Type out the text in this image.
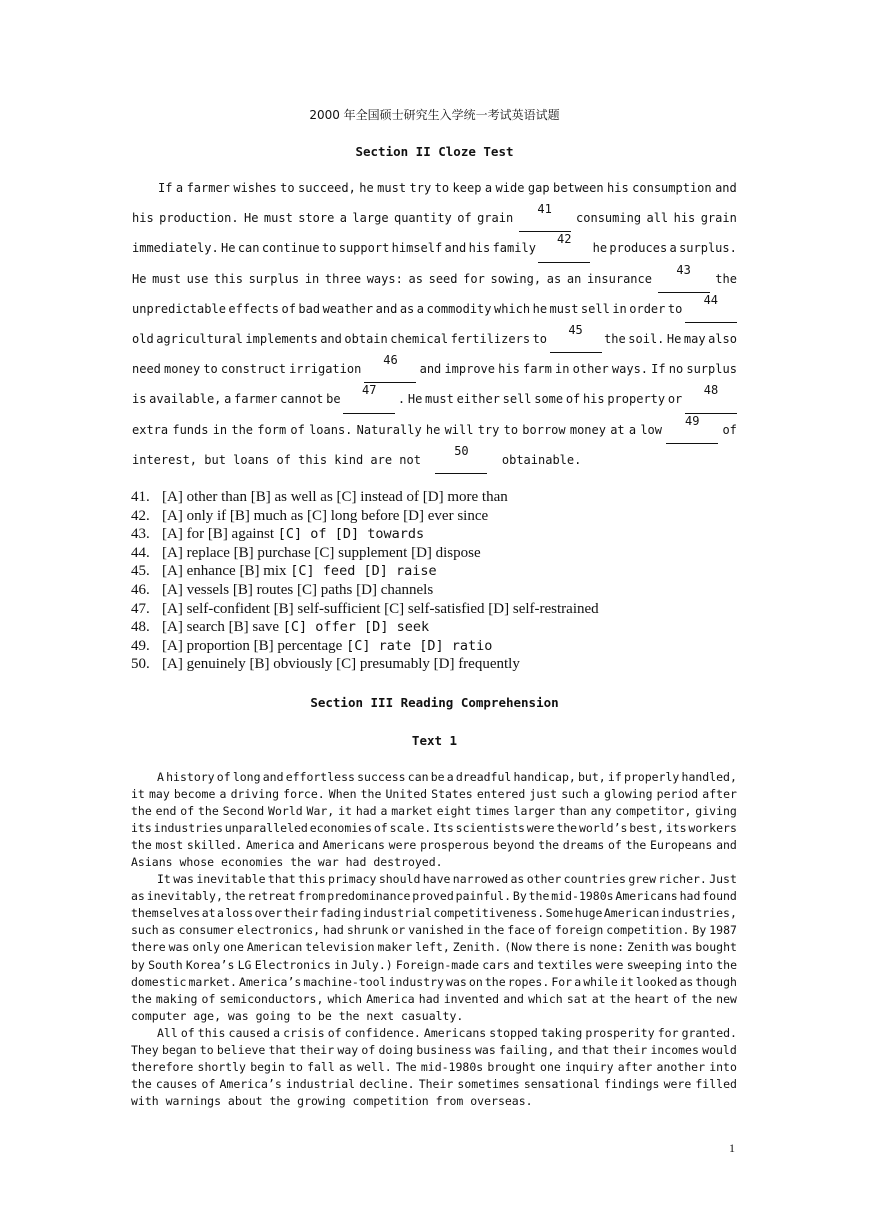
2000 年全国硕士研究生入学统一考试英语试题
Section II Cloze Test
If a farmer wishes to succeed, he must try to keep a wide gap between his consumption and
his production. He must store a large quantity of grain
41
consuming all his grain
immediately. He can continue to support himself and his family
42
he produces a surplus.
He must use this surplus in three ways: as seed for sowing, as an insurance
43
the
unpredictable effects of bad weather and as a commodity which he must sell in order to
44
old agricultural implements and obtain chemical fertilizers to
45
the soil. He may also
need money to construct irrigation
46
and improve his farm in other ways. If no surplus
is available, a farmer cannot be
47
. He must either sell some of his property or
48
extra funds in the form of loans. Naturally he will try to borrow money at a low
49
of
interest, but loans of this kind are not
50
obtainable.
41. [A] other than [B] as well as [C] instead of [D] more than
42. [A] only if [B] much as [C] long before [D] ever since
43. [A] for [B] against [C] of [D] towards
44. [A] replace [B] purchase [C] supplement [D] dispose
45. [A] enhance [B] mix [C] feed [D] raise
46. [A] vessels [B] routes [C] paths [D] channels
47. [A] self-confident [B] self-sufficient [C] self-satisfied [D] self-restrained
48. [A] search [B] save [C] offer [D] seek
49. [A] proportion [B] percentage [C] rate [D] ratio
50. [A] genuinely [B] obviously [C] presumably [D] frequently
Section III Reading Comprehension
Text 1
A history of long and effortless success can be a dreadful handicap, but, if properly handled,
it may become a driving force. When the United States entered just such a glowing period after
the end of the Second World War, it had a market eight times larger than any competitor, giving
its industries unparalleled economies of scale. Its scientists were the world’s best, its workers
the most skilled. America and Americans were prosperous beyond the dreams of the Europeans and
Asians whose economies the war had destroyed.
It was inevitable that this primacy should have narrowed as other countries grew richer. Just
as inevitably, the retreat from predominance proved painful. By the mid-1980s Americans had found
themselves at a loss over their fading industrial competitiveness. Some huge American industries,
such as consumer electronics, had shrunk or vanished in the face of foreign competition. By 1987
there was only one American television maker left, Zenith. (Now there is none: Zenith was bought
by South Korea’s LG Electronics in July.) Foreign-made cars and textiles were sweeping into the
domestic market. America’s machine-tool industry was on the ropes. For a while it looked as though
the making of semiconductors, which America had invented and which sat at the heart of the new
computer age, was going to be the next casualty.
All of this caused a crisis of confidence. Americans stopped taking prosperity for granted.
They began to believe that their way of doing business was failing, and that their incomes would
therefore shortly begin to fall as well. The mid-1980s brought one inquiry after another into
the causes of America’s industrial decline. Their sometimes sensational findings were filled
with warnings about the growing competition from overseas.
1
